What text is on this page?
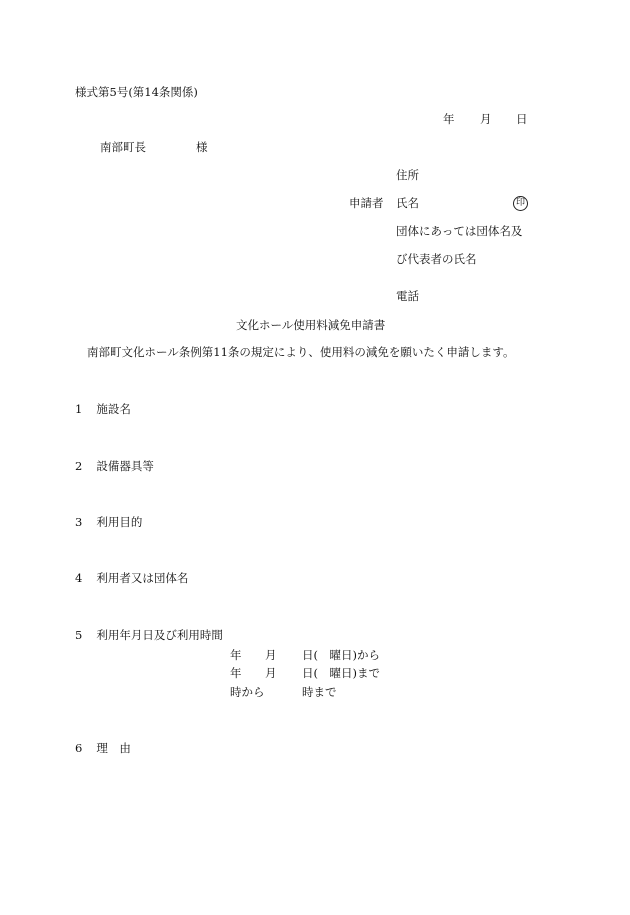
様式第5号(第14条関係)
年 月 日
南部町長	様
住所
申請者 氏名	印
団体にあっては団体名及
び代表者の氏名
電話
文化ホール使用料減免申請書
南部町文化ホール条例第11条の規定により、使用料の減免を願いたく申請します。
1 施設名
2 設備器具等
3 利用目的
4 利用者又は団体名
5 利用年月日及び利用時間
年 月 日(　曜日)から
年 月 日(　曜日)まで
時から	時まで
6 理　由
